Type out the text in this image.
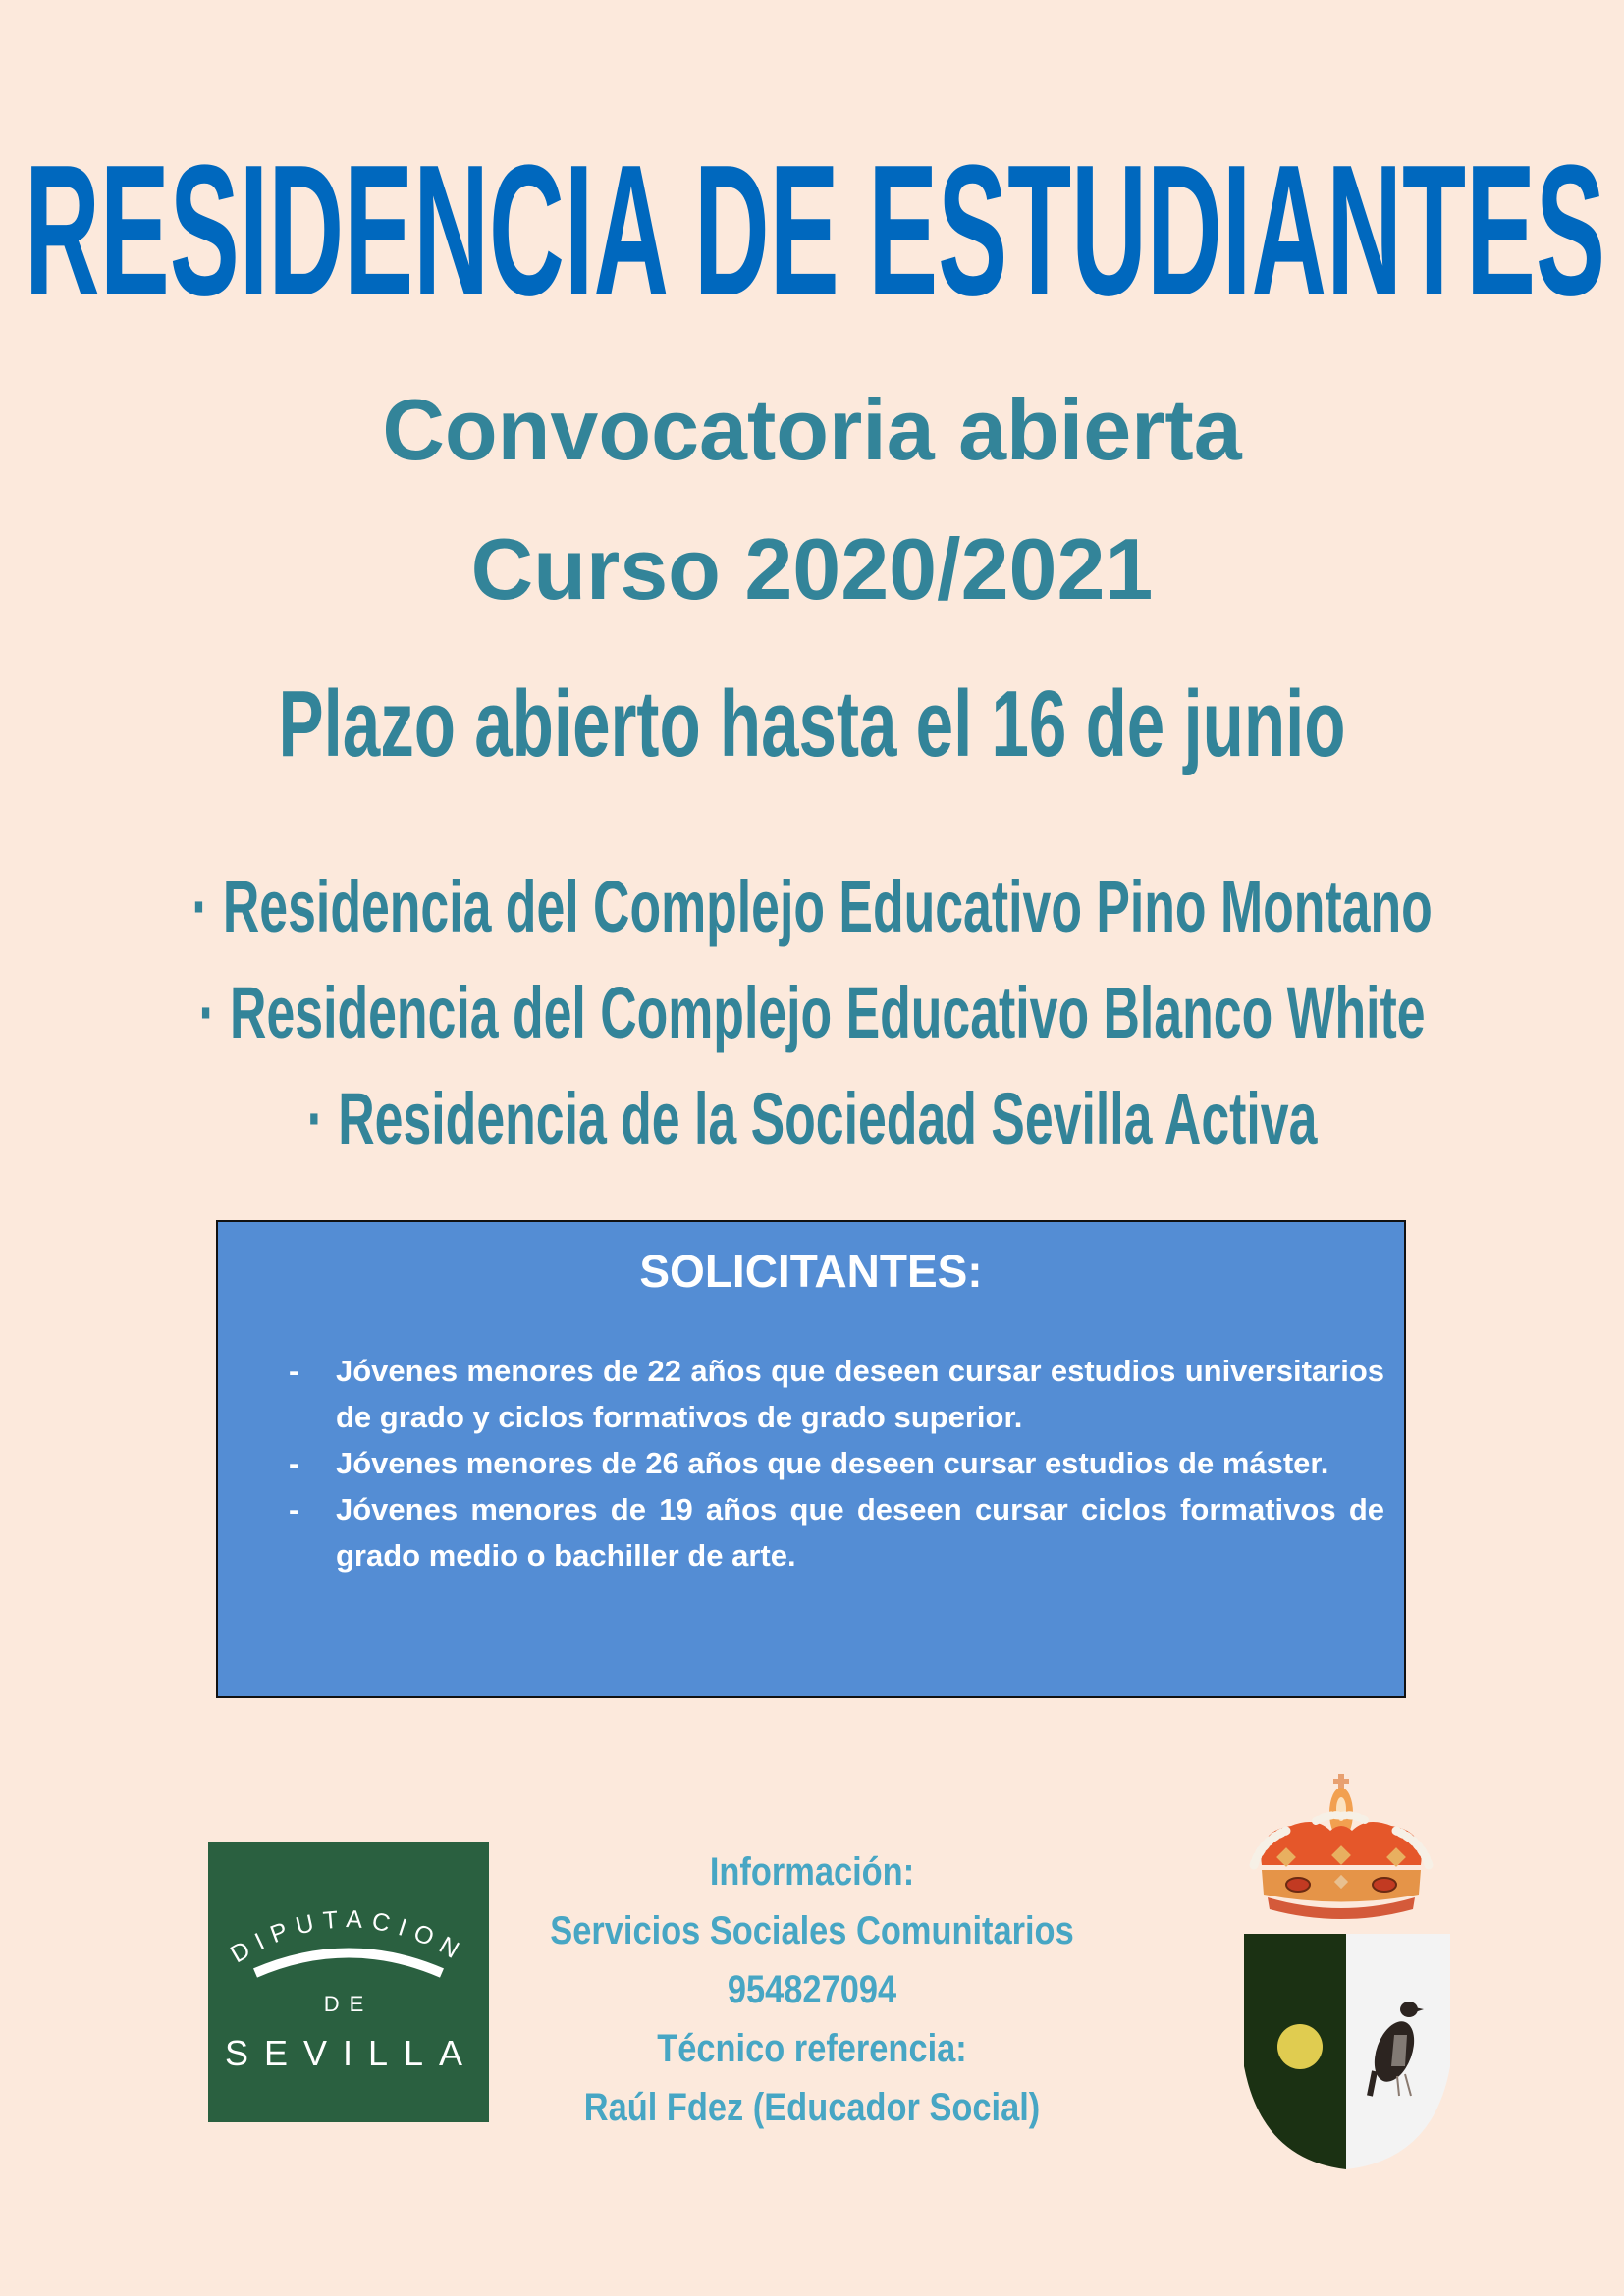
RESIDENCIA DE ESTUDIANTES
Convocatoria abierta
Curso 2020/2021
Plazo abierto hasta el 16 de junio
· Residencia del Complejo Educativo Pino Montano
· Residencia del Complejo Educativo Blanco White
· Residencia de la Sociedad Sevilla Activa
SOLICITANTES:
- Jóvenes menores de 22 años que deseen cursar estudios universitarios de grado y ciclos formativos de grado superior.
- Jóvenes menores de 26 años que deseen cursar estudios de máster.
- Jóvenes menores de 19 años que deseen cursar ciclos formativos de grado medio o bachiller de arte.
DIPUTACION
DE
SEVILLA
Información:
Servicios Sociales Comunitarios
954827094
Técnico referencia:
Raúl Fdez (Educador Social)
